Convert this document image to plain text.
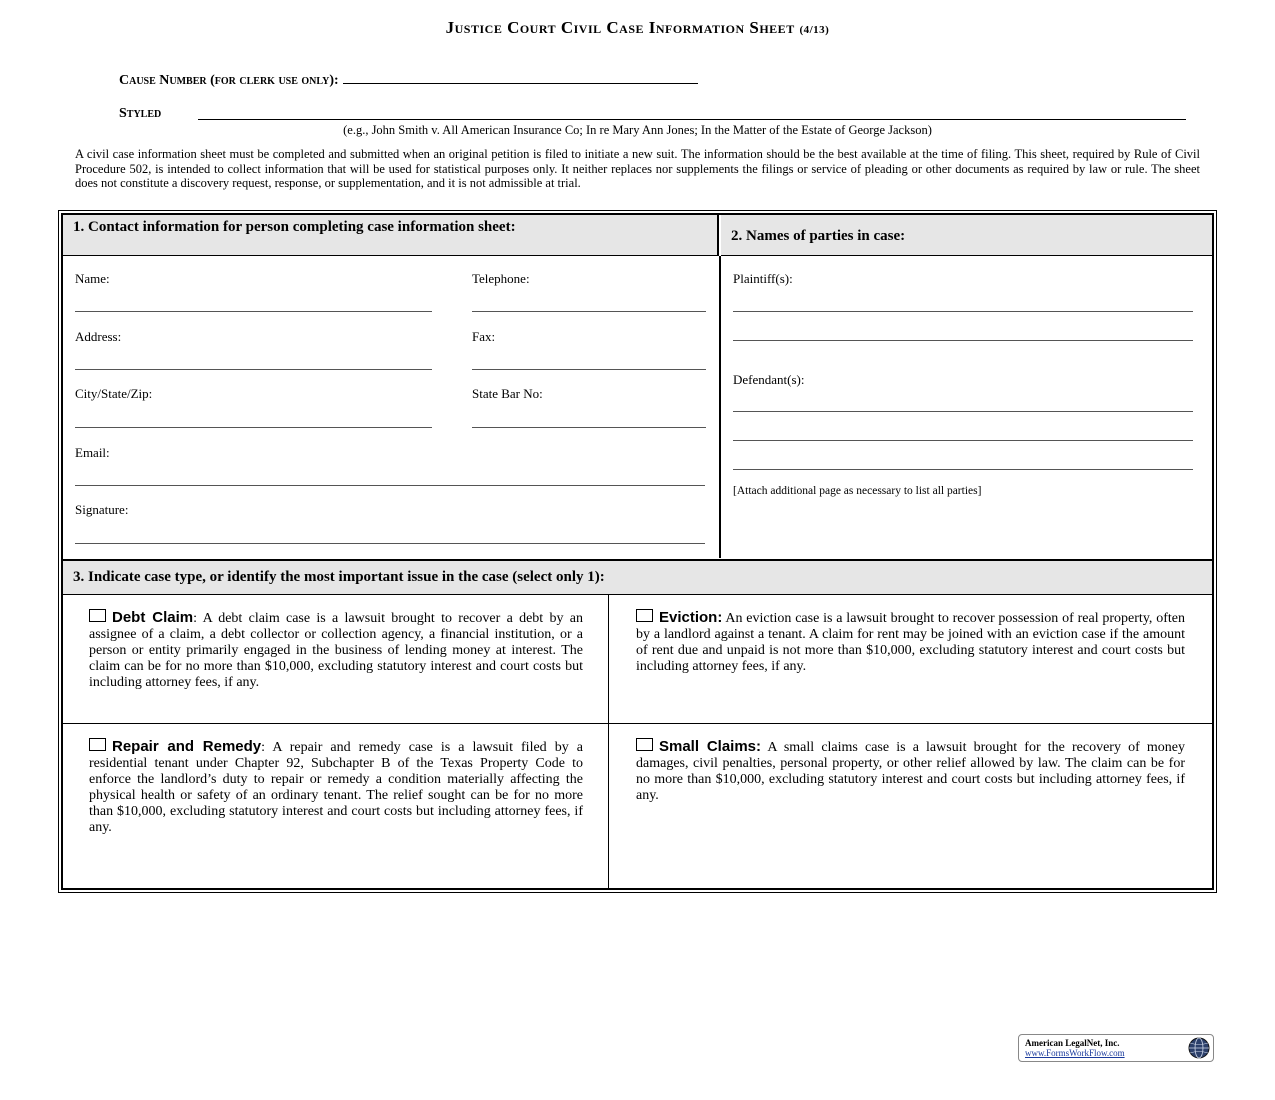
Justice Court Civil Case Information Sheet (4/13)
Cause Number (for clerk use only):
Styled
(e.g., John Smith v. All American Insurance Co; In re Mary Ann Jones; In the Matter of the Estate of George Jackson)
A civil case information sheet must be completed and submitted when an original petition is filed to initiate a new suit. The information should be the best available at the time of filing. This sheet, required by Rule of Civil Procedure 502, is intended to collect information that will be used for statistical purposes only. It neither replaces nor supplements the filings or service of pleading or other documents as required by law or rule. The sheet does not constitute a discovery request, response, or supplementation, and it is not admissible at trial.
1. Contact information for person completing case information sheet:
2. Names of parties in case:
Name:	Telephone:
Address:	Fax:
City/State/Zip:	State Bar No:
Email:
Signature:
Plaintiff(s):
Defendant(s):
[Attach additional page as necessary to list all parties]
3. Indicate case type, or identify the most important issue in the case (select only 1):
Debt Claim: A debt claim case is a lawsuit brought to recover a debt by an assignee of a claim, a debt collector or collection agency, a financial institution, or a person or entity primarily engaged in the business of lending money at interest. The claim can be for no more than $10,000, excluding statutory interest and court costs but including attorney fees, if any.
Eviction: An eviction case is a lawsuit brought to recover possession of real property, often by a landlord against a tenant. A claim for rent may be joined with an eviction case if the amount of rent due and unpaid is not more than $10,000, excluding statutory interest and court costs but including attorney fees, if any.
Repair and Remedy: A repair and remedy case is a lawsuit filed by a residential tenant under Chapter 92, Subchapter B of the Texas Property Code to enforce the landlord’s duty to repair or remedy a condition materially affecting the physical health or safety of an ordinary tenant. The relief sought can be for no more than $10,000, excluding statutory interest and court costs but including attorney fees, if any.
Small Claims: A small claims case is a lawsuit brought for the recovery of money damages, civil penalties, personal property, or other relief allowed by law. The claim can be for no more than $10,000, excluding statutory interest and court costs but including attorney fees, if any.
American LegalNet, Inc.
www.FormsWorkFlow.com
